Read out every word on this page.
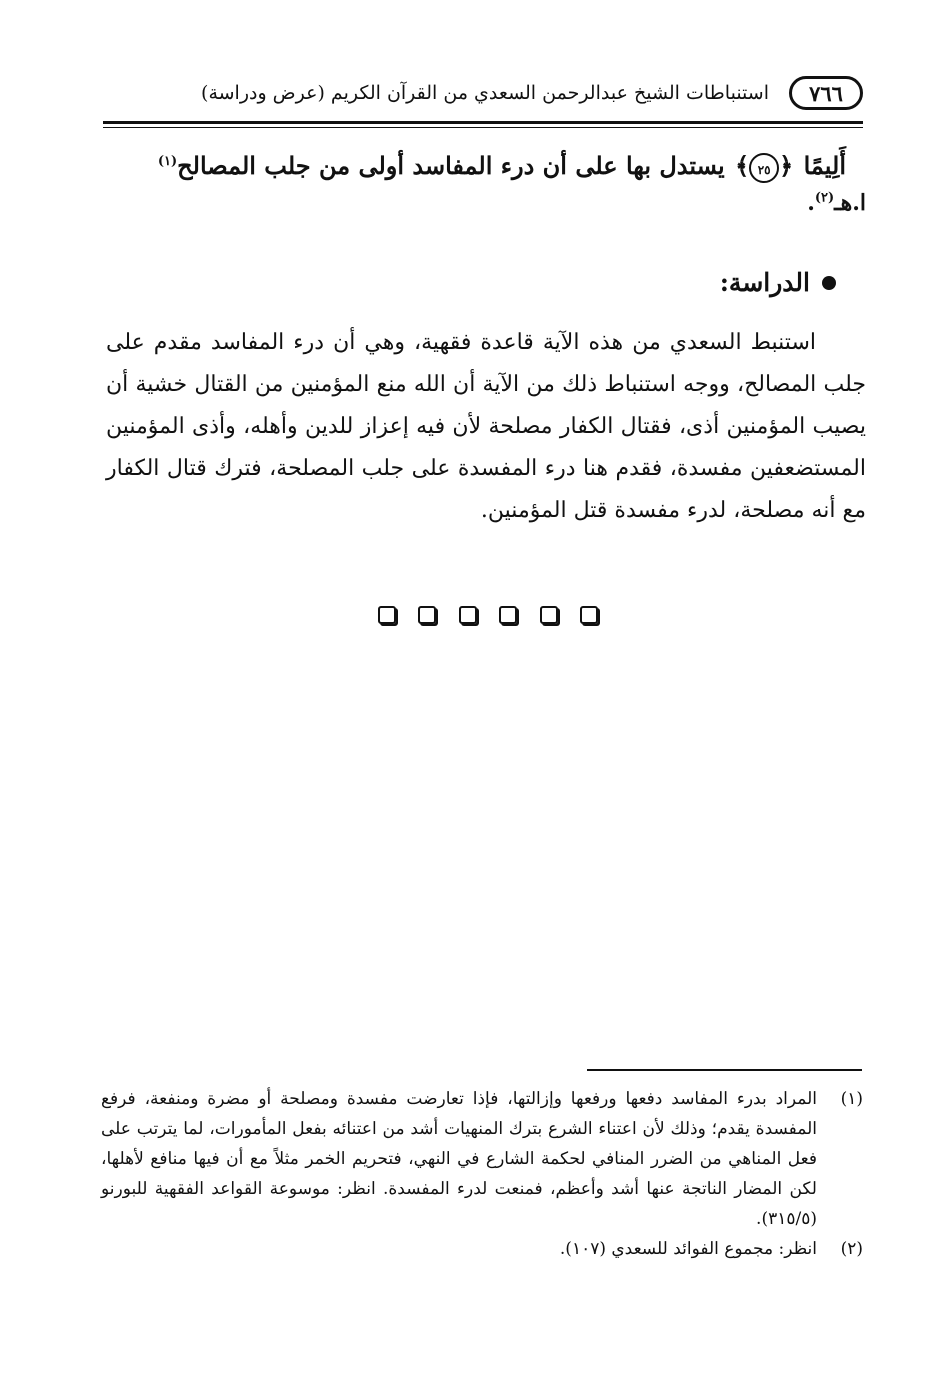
٧٦٦
استنباطات الشيخ عبدالرحمن السعدي من القرآن الكريم (عرض ودراسة)
أَلِيمًا ﴿٢٥﴾ يستدل بها على أن درء المفاسد أولى من جلب المصالح$^{(١)}$
ا.هـ$^{(٢)}$.
الدراسة:

استنبط السعدي من هذه الآية قاعدة فقهية، وهي أن درء المفاسد مقدم على جلب المصالح، ووجه استنباط ذلك من الآية أن الله منع المؤمنين من القتال خشية أن يصيب المؤمنين أذى، فقتال الكفار مصلحة لأن فيه إعزاز للدين وأهله، وأذى المؤمنين المستضعفين مفسدة، فقدم هنا درء المفسدة على جلب المصلحة، فترك قتال الكفار مع أنه مصلحة، لدرء مفسدة قتل المؤمنين.

(١)
المراد بدرء المفاسد دفعها ورفعها وإزالتها، فإذا تعارضت مفسدة ومصلحة أو مضرة ومنفعة، فرفع المفسدة يقدم؛ وذلك لأن اعتناء الشرع بترك المنهيات أشد من اعتنائه بفعل المأمورات، لما يترتب على فعل المناهي من الضرر المنافي لحكمة الشارع في النهي، فتحريم الخمر مثلاً مع أن فيها منافع لأهلها، لكن المضار الناتجة عنها أشد وأعظم، فمنعت لدرء المفسدة. انظر: موسوعة القواعد الفقهية للبورنو (٣١٥/٥).
(٢)
انظر: مجموع الفوائد للسعدي (١٠٧).
